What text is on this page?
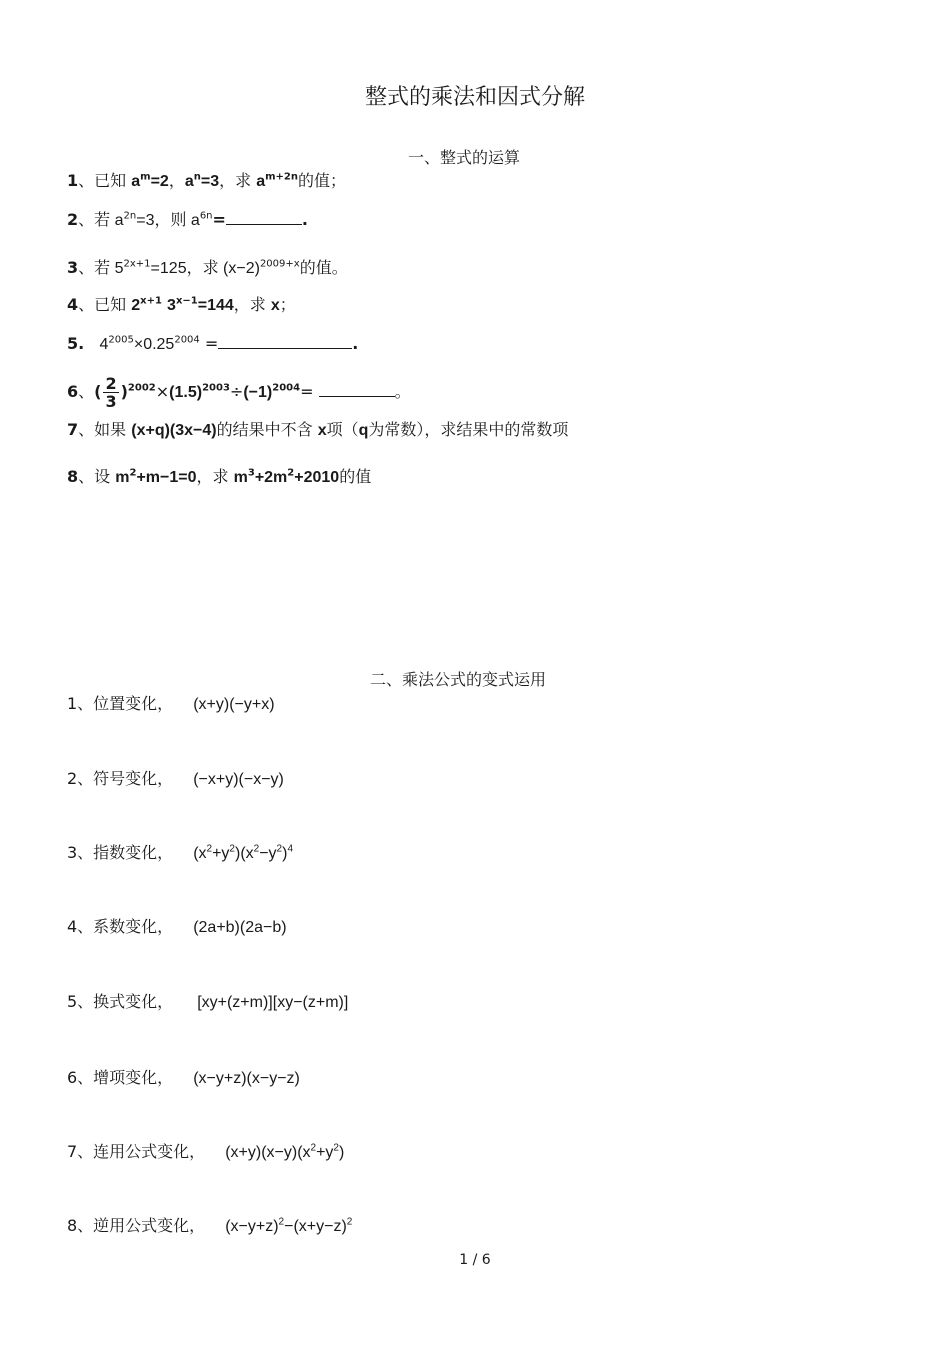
整式的乘法和因式分解
一、整式的运算
1、已知 $a^m=2$，$a^n=3$，求 $a^{m+2n}$的值；
2、若 $a^{2n}=3$，则 $a^{6n}=$	.
3、若 $5^{2x+1}=125$，求 $(x-2)^{2009+x}$的值。
4、已知 $2^{x+1}$ $3^{x-1}=144$，求 x；
5. $4^{2005}\times 0.25^{2004}$ =	.
6、( $\frac{2}{3} )^{2002}\times(1.5)^{2003}\div(-1)^{2004}=$	。
7、如果 (x+q)(3x−4)的结果中不含 x项（q为常数），求结果中的常数项
8、设 $m^2+m-1=0$，求 $m^3+2m^2+2010$的值
二、乘法公式的变式运用
1、位置变化， (x+y)(−y+x)
2、符号变化， (−x+y)(−x−y)
3、指数变化， $(x^2+y^2)(x^2-y^2)^4$
4、系数变化， (2a+b)(2a−b)
5、换式变化， [xy+(z+m)][xy−(z+m)]
6、增项变化， (x−y+z)(x−y−z)
7、连用公式变化， $(x+y)(x-y)(x^2+y^2)$
8、逆用公式变化， $(x-y+z)^2-(x+y-z)^2$
1 / 6
